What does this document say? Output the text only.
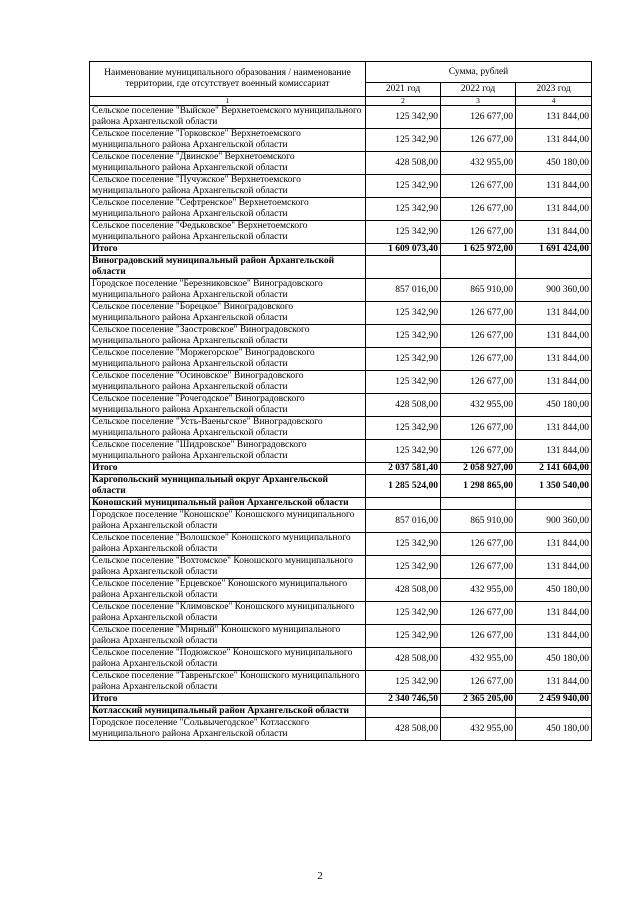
Наименование муниципального образования / наименование территории, где отсутствует военный комиссариат	Сумма, рублей		
	2021 год	2022 год	2023 год
1	2	3	4
Сельское поселение "Выйское" Верхнетоемского муниципального района Архангельской области	125 342,90	126 677,00	131 844,00
Сельское поселение "Горковское" Верхнетоемского муниципального района Архангельской области	125 342,90	126 677,00	131 844,00
Сельское поселение "Двинское" Верхнетоемского муниципального района Архангельской области	428 508,00	432 955,00	450 180,00
Сельское поселение "Пучужское" Верхнетоемского муниципального района Архангельской области	125 342,90	126 677,00	131 844,00
Сельское поселение "Сефтренское" Верхнетоемского муниципального района Архангельской области	125 342,90	126 677,00	131 844,00
Сельское поселение "Федьковское" Верхнетоемского муниципального района Архангельской области	125 342,90	126 677,00	131 844,00
Итого	1 609 073,40	1 625 972,00	1 691 424,00
Виноградовский муниципальный район Архангельской области			
Городское поселение "Березниковское" Виноградовского муниципального района Архангельской области	857 016,00	865 910,00	900 360,00
Сельское поселение "Борецкое" Виноградовского муниципального района Архангельской области	125 342,90	126 677,00	131 844,00
Сельское поселение "Заостровское" Виноградовского муниципального района Архангельской области	125 342,90	126 677,00	131 844,00
Сельское поселение "Моржегорское" Виноградовского муниципального района Архангельской области	125 342,90	126 677,00	131 844,00
Сельское поселение "Осиновское" Виноградовского муниципального района Архангельской области	125 342,90	126 677,00	131 844,00
Сельское поселение "Рочегодское" Виноградовского муниципального района Архангельской области	428 508,00	432 955,00	450 180,00
Сельское поселение "Усть-Ваеньгское" Виноградовского муниципального района Архангельской области	125 342,90	126 677,00	131 844,00
Сельское поселение "Шидровское" Виноградовского муниципального района Архангельской области	125 342,90	126 677,00	131 844,00
Итого	2 037 581,40	2 058 927,00	2 141 604,00
Каргопольский муниципальный округ Архангельской области	1 285 524,00	1 298 865,00	1 350 540,00
Коношский муниципальный район Архангельской области			
Городское поселение "Коношское" Коношского муниципального района Архангельской области	857 016,00	865 910,00	900 360,00
Сельское поселение "Волошское" Коношского муниципального района Архангельской области	125 342,90	126 677,00	131 844,00
Сельское поселение "Вохтомское" Коношского муниципального района Архангельской области	125 342,90	126 677,00	131 844,00
Сельское поселение "Ерцевское" Коношского муниципального района Архангельской области	428 508,00	432 955,00	450 180,00
Сельское поселение "Климовское" Коношского муниципального района Архангельской области	125 342,90	126 677,00	131 844,00
Сельское поселение "Мирный" Коношского муниципального района Архангельской области	125 342,90	126 677,00	131 844,00
Сельское поселение "Подюжское" Коношского муниципального района Архангельской области	428 508,00	432 955,00	450 180,00
Сельское поселение "Тавреньгское" Коношского муниципального района Архангельской области	125 342,90	126 677,00	131 844,00
Итого	2 340 746,50	2 365 205,00	2 459 940,00
Котласский муниципальный район Архангельской области			
Городское поселение "Сольвычегодское" Котласского муниципального района Архангельской области	428 508,00	432 955,00	450 180,00
2
